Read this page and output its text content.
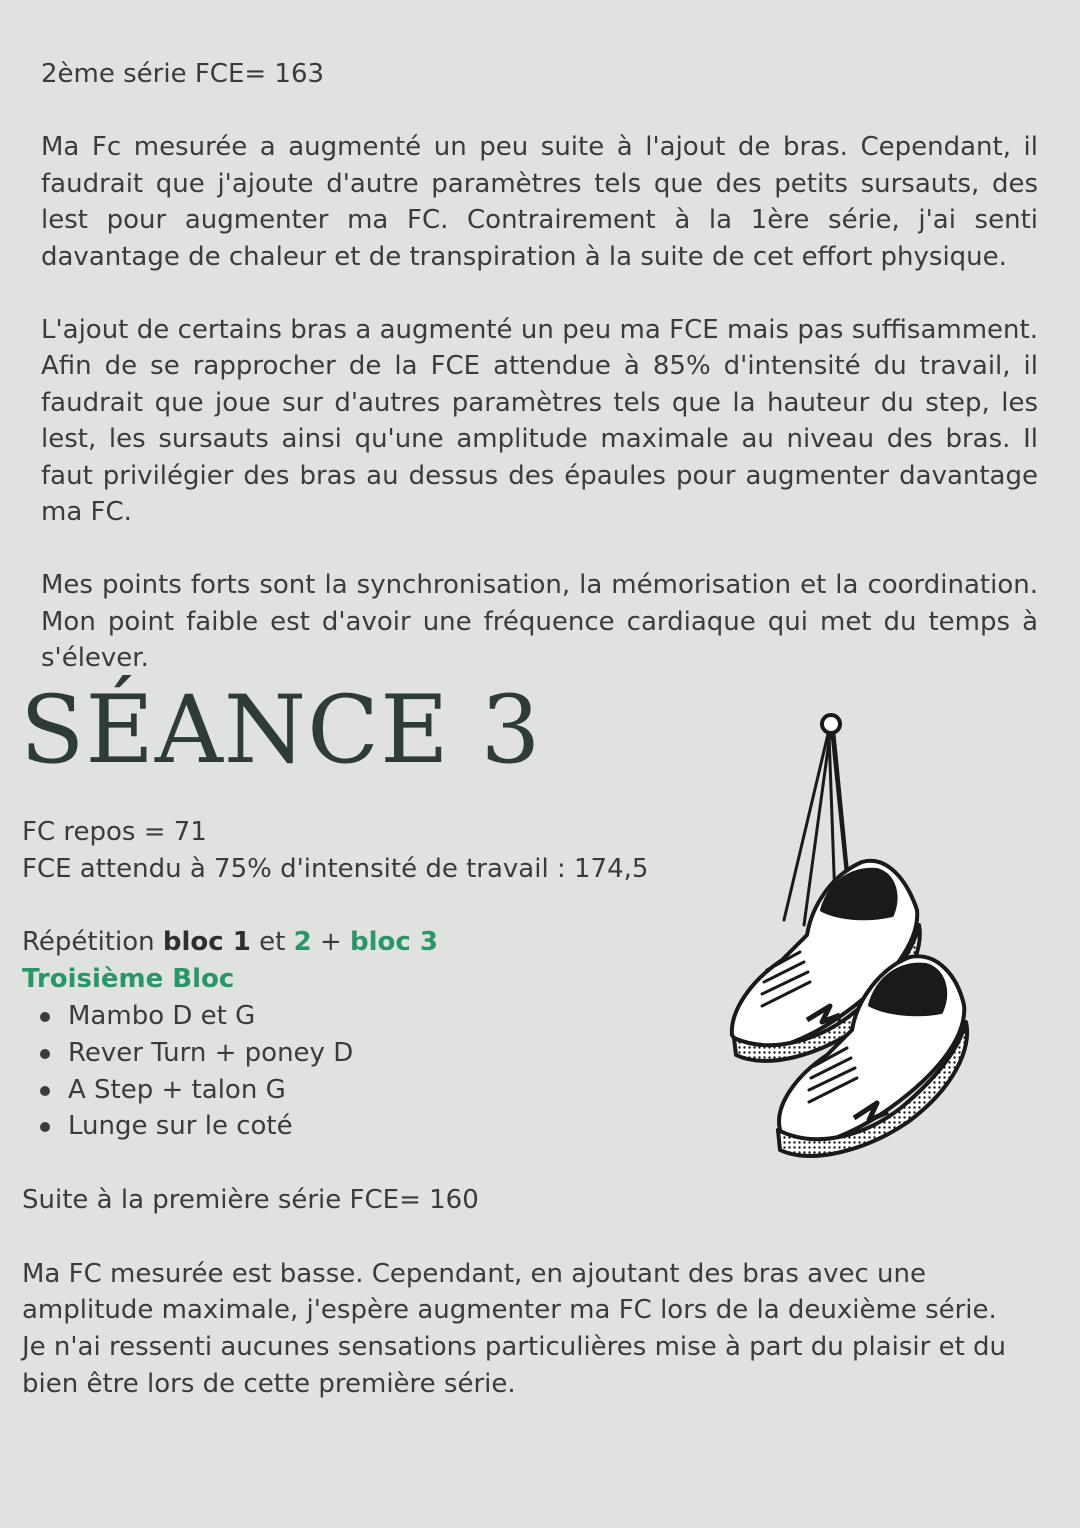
2ème série FCE= 163

Ma Fc mesurée a augmenté un peu suite à l'ajout de bras. Cependant, il faudrait que j'ajoute d'autre paramètres tels que des petits sursauts, des lest pour augmenter ma FC. Contrairement à la 1ère série, j'ai senti davantage de chaleur et de transpiration à la suite de cet effort physique.

L'ajout de certains bras a augmenté un peu ma FCE mais pas suffisamment. Afin de se rapprocher de la FCE attendue à 85% d'intensité du travail, il faudrait que joue sur d'autres paramètres tels que la hauteur du step, les lest, les sursauts ainsi qu'une amplitude maximale au niveau des bras. Il faut privilégier des bras au dessus des épaules pour augmenter davantage ma FC.

Mes points forts sont la synchronisation, la mémorisation et la coordination. Mon point faible est d'avoir une fréquence cardiaque qui met du temps à s'élever.

SÉANCE 3

FC repos = 71

FCE attendu à 75% d'intensité de travail : 174,5

Répétition bloc 1 et 2 + bloc 3

Troisième Bloc

Mambo D et G
Rever Turn + poney D
A Step + talon G
Lunge sur le coté

Suite à la première série FCE= 160

Ma FC mesurée est basse. Cependant, en ajoutant des bras avec une amplitude maximale, j'espère augmenter ma FC lors de la deuxième série.

Je n'ai ressenti aucunes sensations particulières mise à part du plaisir et du bien être lors de cette première série.
